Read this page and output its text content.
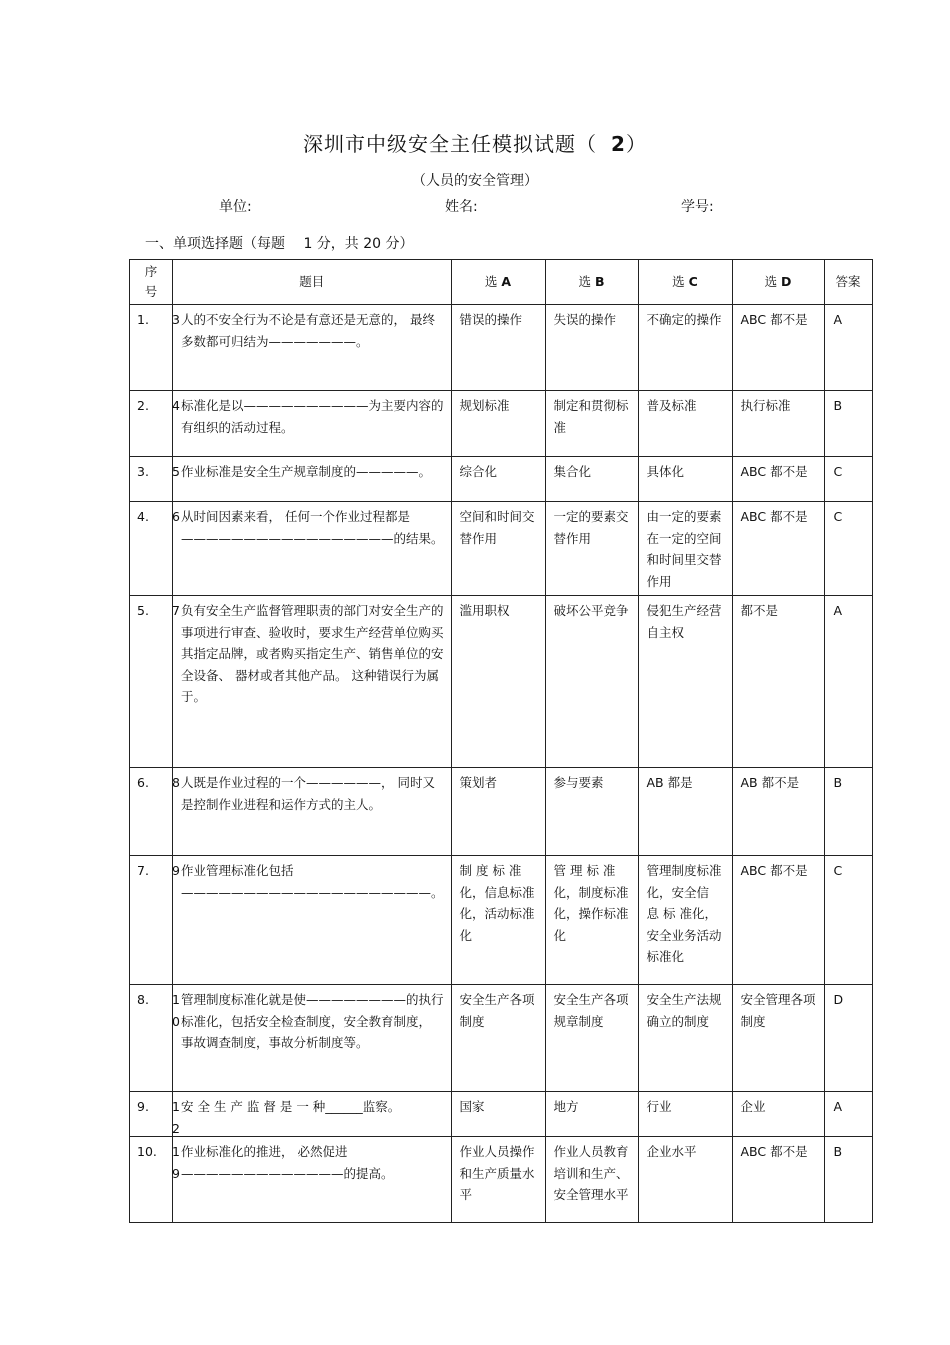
深圳市中级安全主任模拟试题（ 2）
（人员的安全管理）
单位:	姓名:	学号:
一、单项选择题（每题　 1 分，共 20 分）
序
号	题目	选 A	选 B	选 C	选 D	答案
1.	3 人的不安全行为不论是有意还是无意的， 最终多数都可归结为———————。	错误的操作	失误的操作	不确定的操作	ABC 都不是	A
2.	4 标准化是以——————————为主要内容的有组织的活动过程。	规划标准	制定和贯彻标准	普及标准	执行标准	B
3.	5 作业标准是安全生产规章制度的—————。	综合化	集合化	具体化	ABC 都不是	C
4.	6 从时间因素来看， 任何一个作业过程都是—————————————————的结果。	空间和时间交替作用	一定的要素交替作用	由一定的要素在一定的空间和时间里交替作用	ABC 都不是	C
5.	7 负有安全生产监督管理职责的部门对安全生产的事项进行审查、验收时，要求生产经营单位购买其指定品牌，或者购买指定生产、销售单位的安全设备、 器材或者其他产品。 这种错误行为属于。	滥用职权	破坏公平竞争	侵犯生产经营自主权	都不是	A
6.	8 人既是作业过程的一个——————， 同时又是控制作业进程和运作方式的主人。	策划者	参与要素	AB 都是	AB 都不是	B
7.	9 作业管理标准化包括————————————————————。	制 度 标 准化，信息标准化，活动标准化	管 理 标 准化，制度标准化，操作标准化	管理制度标准化，安全信 息 标 准化，安全业务活动标准化	ABC 都不是	C
8.	10
管理制度标准化就是使————————的执行标准化，包括安全检查制度，安全教育制度， 事故调查制度，事故分析制度等。	安全生产各项制度	安全生产各项规章制度	安全生产法规确立的制度	安全管理各项制度	D
9.	12
安 全 生 产 监 督 是 一 种______监察。	国家	地方	行业	企业	A
10.	19
作业标准化的推进， 必然促进—————————————的提高。	作业人员操作和生产质量水平	作业人员教育培训和生产、安全管理水平	企业水平	ABC 都不是	B
